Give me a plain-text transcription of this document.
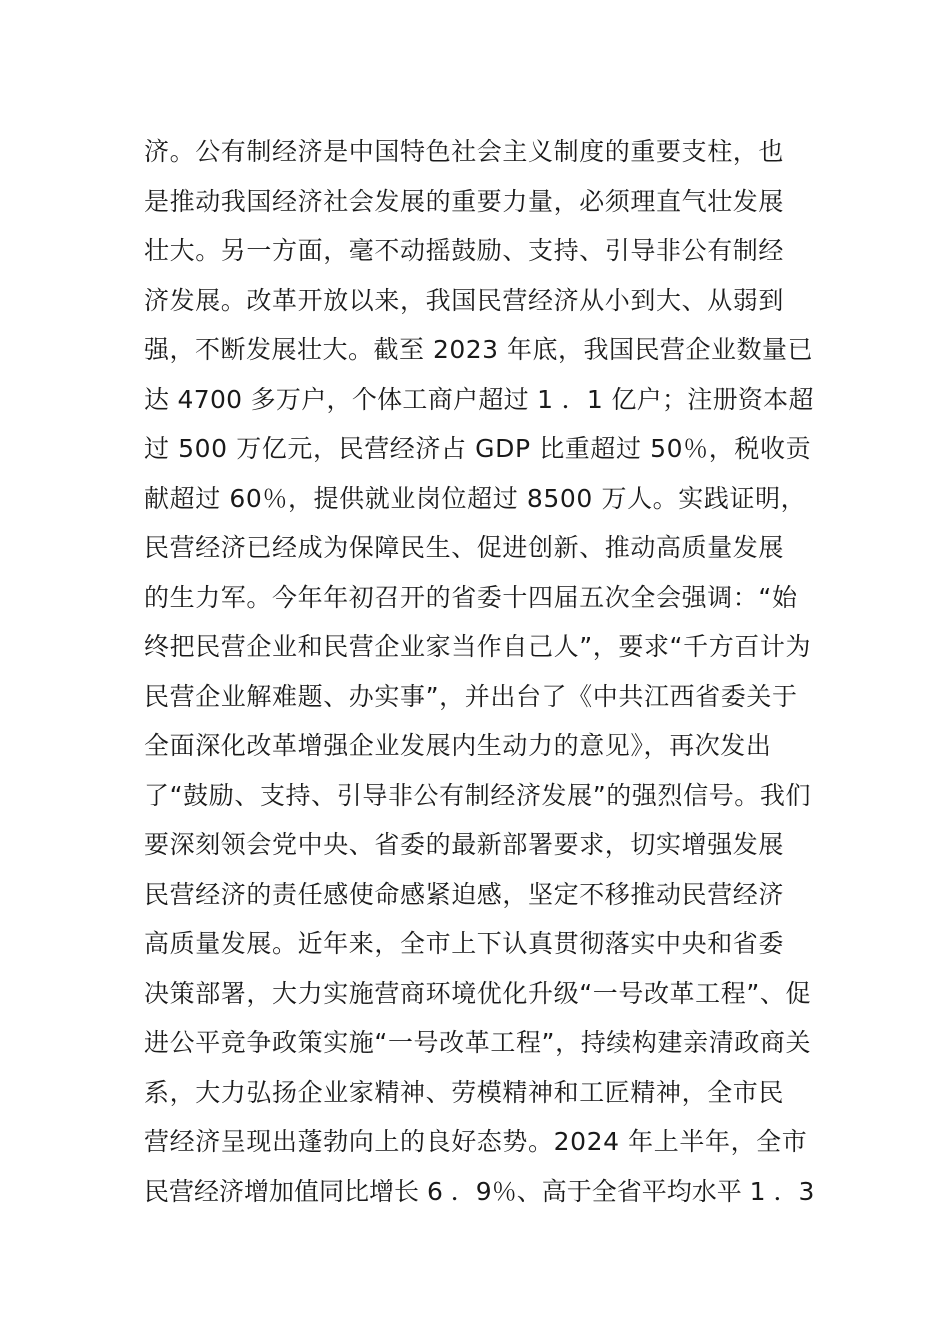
济。公有制经济是中国特色社会主义制度的重要支柱，也
是推动我国经济社会发展的重要力量，必须理直气壮发展
壮大。另一方面，毫不动摇鼓励、支持、引导非公有制经
济发展。改革开放以来，我国民营经济从小到大、从弱到
强，不断发展壮大。截至 2023 年底，我国民营企业数量已
达 4700 多万户，个体工商户超过 1 ．1 亿户；注册资本超
过 500 万亿元，民营经济占 GDP 比重超过 50％，税收贡
献超过 60％，提供就业岗位超过 8500 万人。实践证明，
民营经济已经成为保障民生、促进创新、推动高质量发展
的生力军。今年年初召开的省委十四届五次全会强调：“始
终把民营企业和民营企业家当作自己人”，要求“千方百计为
民营企业解难题、办实事”，并出台了《中共江西省委关于
全面深化改革增强企业发展内生动力的意见》，再次发出
了“鼓励、支持、引导非公有制经济发展”的强烈信号。我们
要深刻领会党中央、省委的最新部署要求，切实增强发展
民营经济的责任感使命感紧迫感，坚定不移推动民营经济
高质量发展。近年来，全市上下认真贯彻落实中央和省委
决策部署，大力实施营商环境优化升级“一号改革工程”、促
进公平竞争政策实施“一号改革工程”，持续构建亲清政商关
系，大力弘扬企业家精神、劳模精神和工匠精神，全市民
营经济呈现出蓬勃向上的良好态势。2024 年上半年，全市
民营经济增加值同比增长 6 ．9％、高于全省平均水平 1 ．3
